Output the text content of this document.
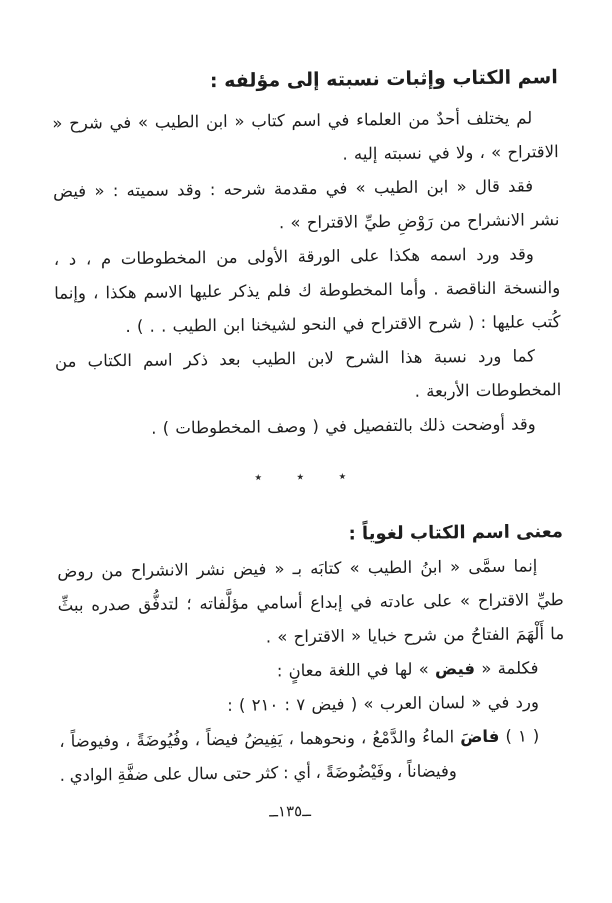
اسم الكتاب وإثبات نسبته إلى مؤلفه :

لم يختلف أحدٌ من العلماء في اسم كتاب « ابن الطيب » في شرح « الاقتراح » ، ولا في نسبته إليه .

فقد قال « ابن الطيب » في مقدمة شرحه : وقد سميته : « فيض نشر الانشراح من رَوْضِ طيِّ الاقتراح » .

وقد ورد اسمه هكذا على الورقة الأولى من المخطوطات م ، د ، والنسخة الناقصة . وأما المخطوطة ك فلم يذكر عليها الاسم هكذا ، وإنما كُتب عليها : ( شرح الاقتراح في النحو لشيخنا ابن الطيب . . ) .

كما ورد نسبة هذا الشرح لابن الطيب بعد ذكر اسم الكتاب من المخطوطات الأربعة .

وقد أوضحت ذلك بالتفصيل في ( وصف المخطوطات ) .

٭ ٭ ٭
معنى اسم الكتاب لغوياً :

إنما سمَّى « ابنُ الطيب » كتابَه بـ « فيض نشر الانشراح من روض طيِّ الاقتراح » على عادته في إبداع أسامي مؤلَّفاته ؛ لتدفُّق صدره ببثِّ ما أَلْهَمَ الفتاحُ من شرح خبايا « الاقتراح » .

فكلمة « فيض » لها في اللغة معانٍ :

ورد في « لسان العرب » ( فيض ٧ : ٢١٠ ) :

( ١ ) فاضَ الماءُ والدَّمْعُ ، ونحوهما ، يَفِيضُ فيضاً ، وفُيُوضَةً ، وفيوضاً ، وفيضاناً ، وفَيْضُوضَةً ، أي : كثر حتى سال على ضفَّةِ الوادي .

ــ١٣٥ــ
